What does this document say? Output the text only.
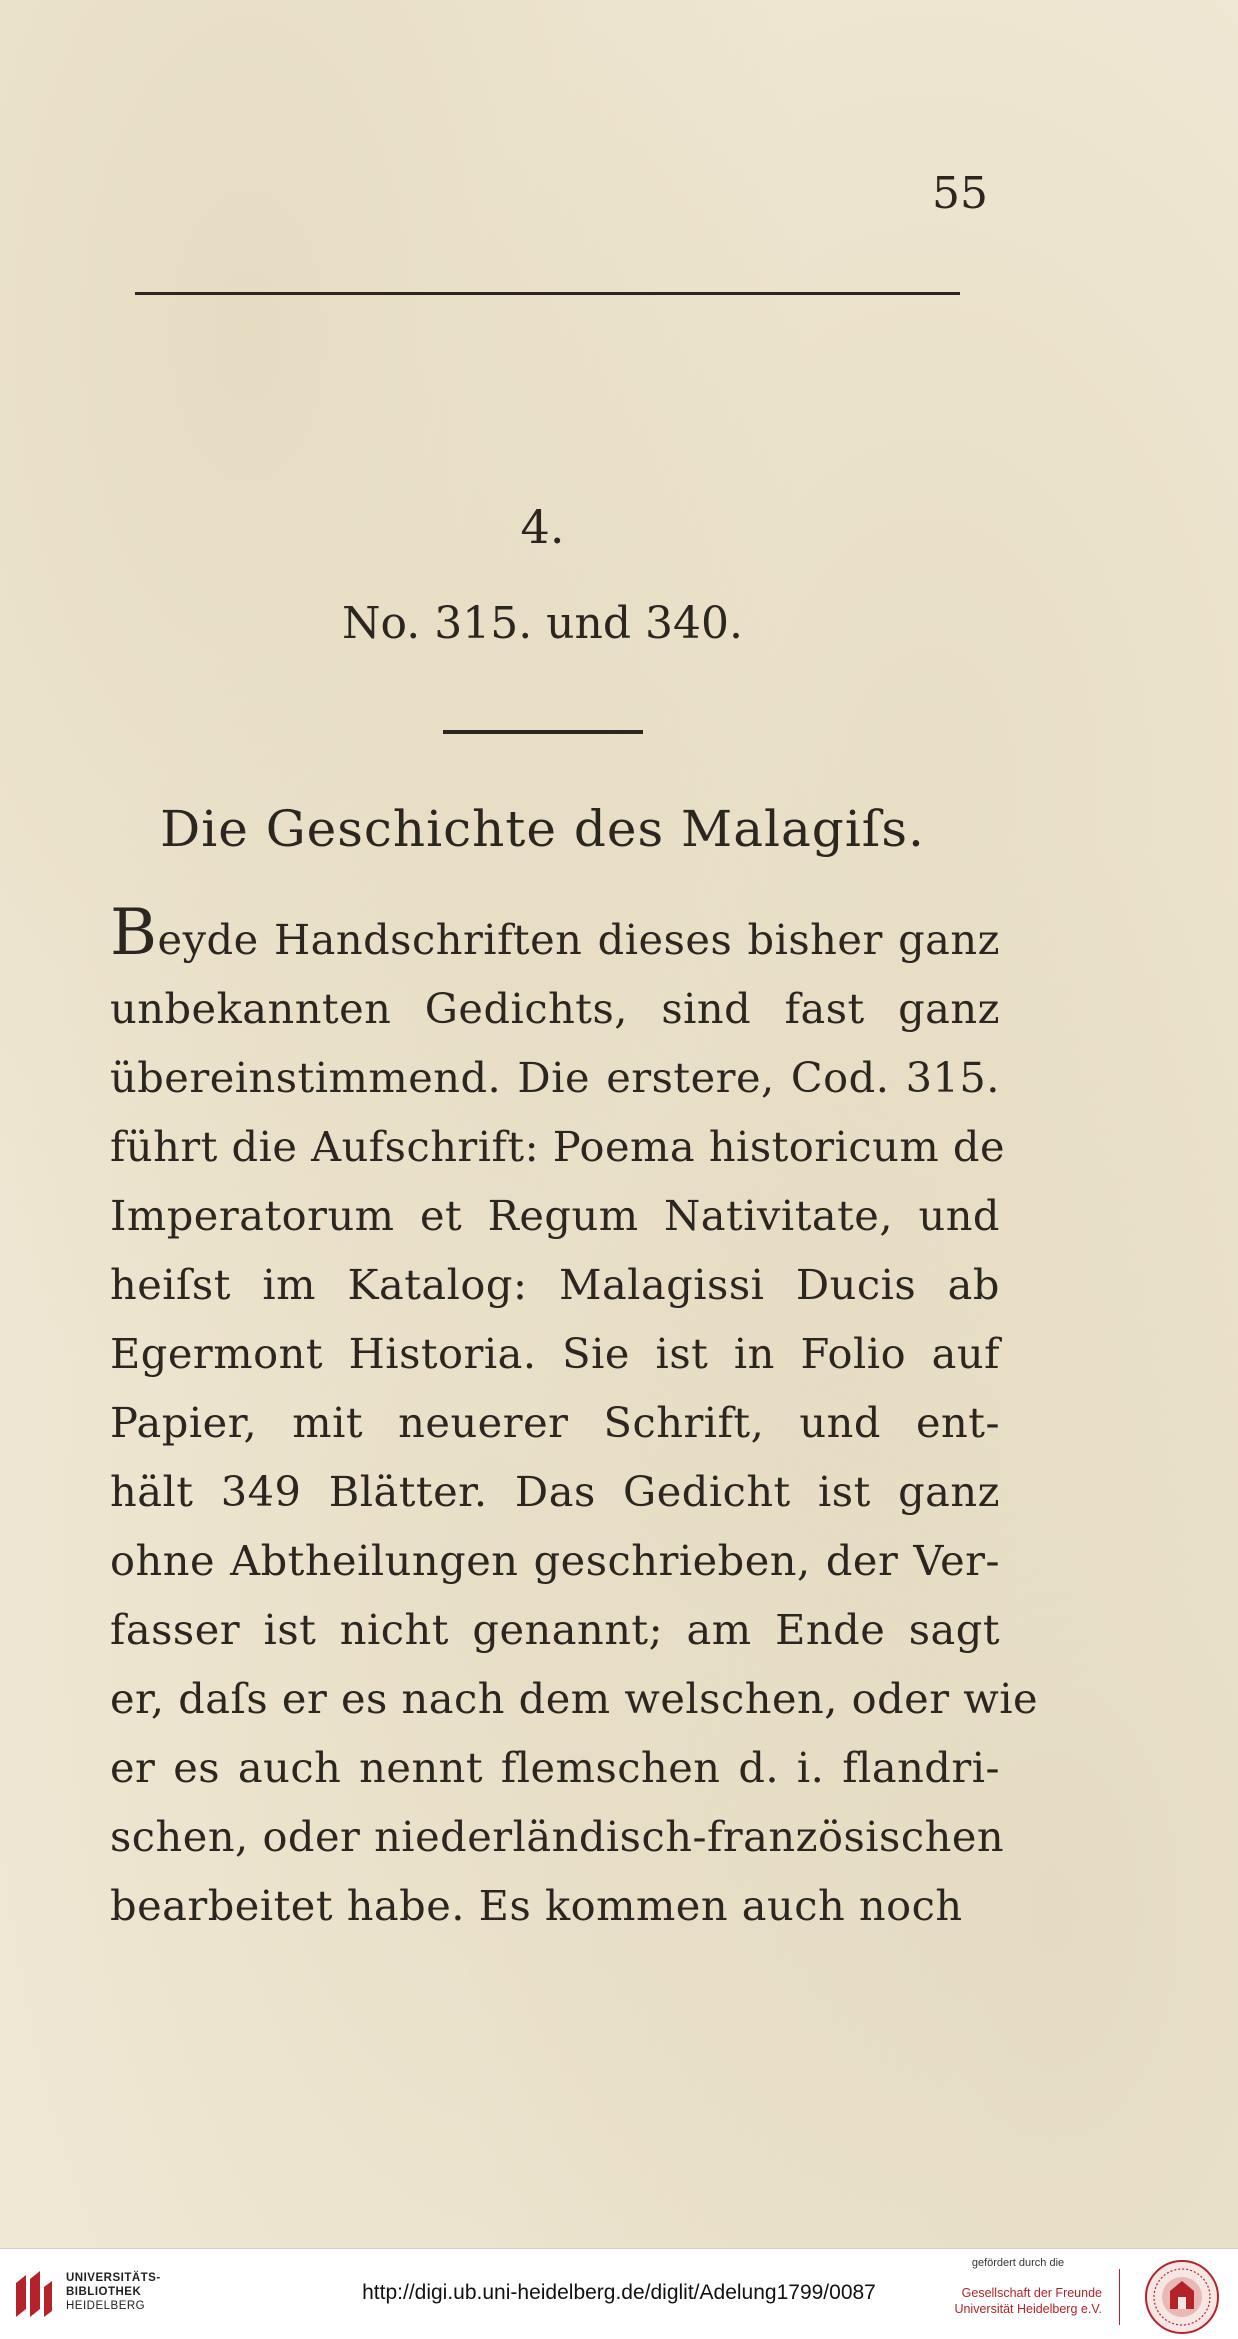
55
4.
No. 315. und 340.
Die Geschichte des Malagiſs.
Beyde Handschriften dieses bisher ganz
unbekannten Gedichts, sind fast ganz
übereinstimmend. Die erstere, Cod. 315.
führt die Aufschrift: Poema historicum de
Imperatorum et Regum Nativitate, und
heiſst im Katalog: Malagissi Ducis ab
Egermont Historia. Sie ist in Folio auf
Papier, mit neuerer Schrift, und ent-
hält 349 Blätter. Das Gedicht ist ganz
ohne Abtheilungen geschrieben, der Ver-
fasser ist nicht genannt; am Ende sagt
er, daſs er es nach dem welschen, oder wie
er es auch nennt flemschen d. i. flandri-
schen, oder niederländisch-französischen
bearbeitet habe. Es kommen auch noch
UNIVERSITÄTS-
BIBLIOTHEK
HEIDELBERG
http://digi.ub.uni-heidelberg.de/diglit/Adelung1799/0087
gefördert durch die
Gesellschaft der Freunde
Universität Heidelberg e.V.
